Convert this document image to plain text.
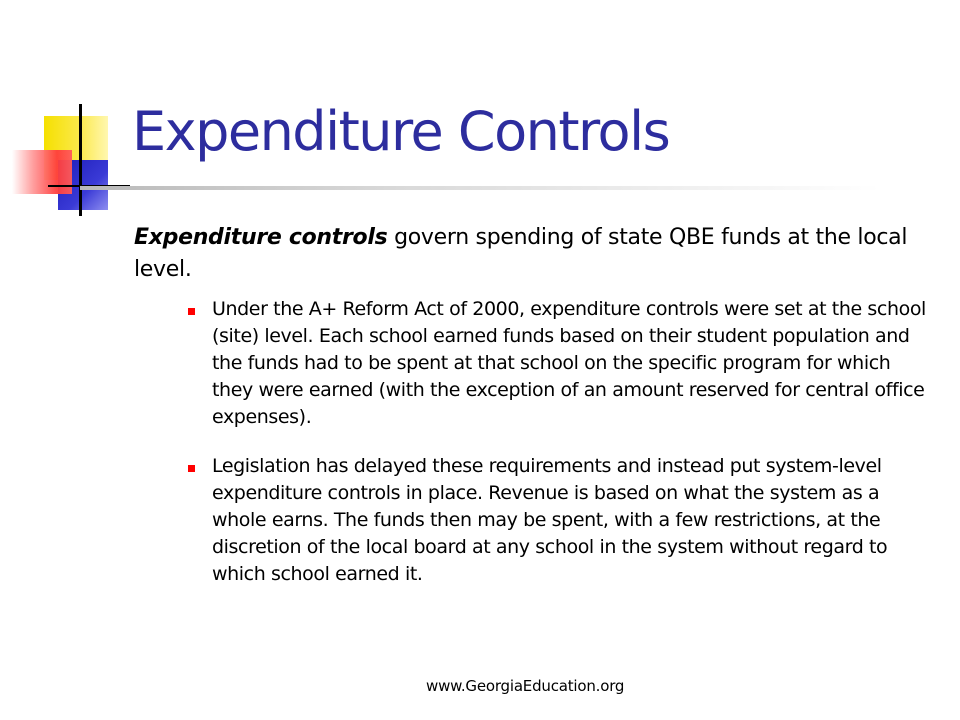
Expenditure Controls

Expenditure controls govern spending of state QBE funds at the local level.

Under the A+ Reform Act of 2000, expenditure controls were set at the school (site) level. Each school earned funds based on their student population and the funds had to be spent at that school on the specific program for which they were earned (with the exception of an amount reserved for central office expenses).
Legislation has delayed these requirements and instead put system-level expenditure controls in place. Revenue is based on what the system as a whole earns. The funds then may be spent, with a few restrictions, at the discretion of the local board at any school in the system without regard to which school earned it.
www.GeorgiaEducation.org
